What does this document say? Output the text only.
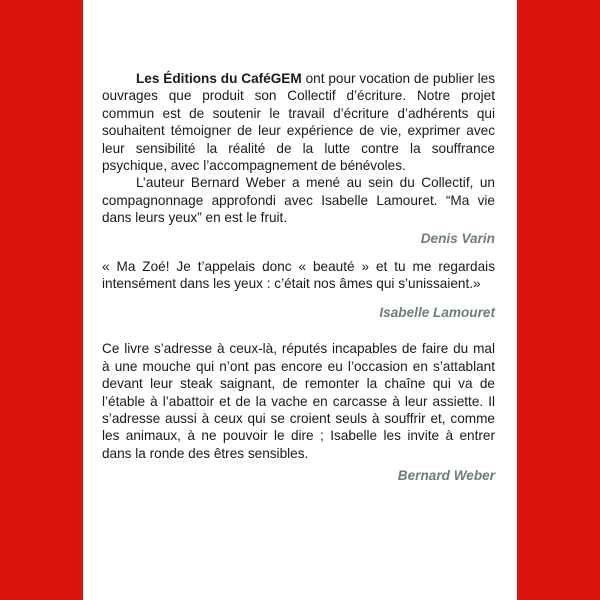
Les Éditions du CaféGEM ont pour vocation de publier les ouvrages que produit son Collectif d’écriture. Notre projet commun est de soutenir le travail d’écriture d’adhérents qui souhaitent témoigner de leur expérience de vie, exprimer avec leur sensibilité la réalité de la lutte contre la souffrance psychique, avec l’accompagnement de bénévoles.

L’auteur Bernard Weber a mené au sein du Collectif, un compagnonnage approfondi avec Isabelle Lamouret. “Ma vie dans leurs yeux” en est le fruit.

Denis Varin

« Ma Zoé! Je t’appelais donc « beauté » et tu me regardais intensément dans les yeux : c’était nos âmes qui s’unissaient.»

Isabelle Lamouret

Ce livre s’adresse à ceux-là, réputés incapables de faire du mal à une mouche qui n’ont pas encore eu l’occasion en s’attablant devant leur steak saignant, de remonter la chaîne qui va de l’étable à l’abattoir et de la vache en carcasse à leur assiette. Il s’adresse aussi à ceux qui se croient seuls à souffrir et, comme les animaux, à ne pouvoir le dire ; Isabelle les invite à entrer dans la ronde des êtres sensibles.

Bernard Weber
